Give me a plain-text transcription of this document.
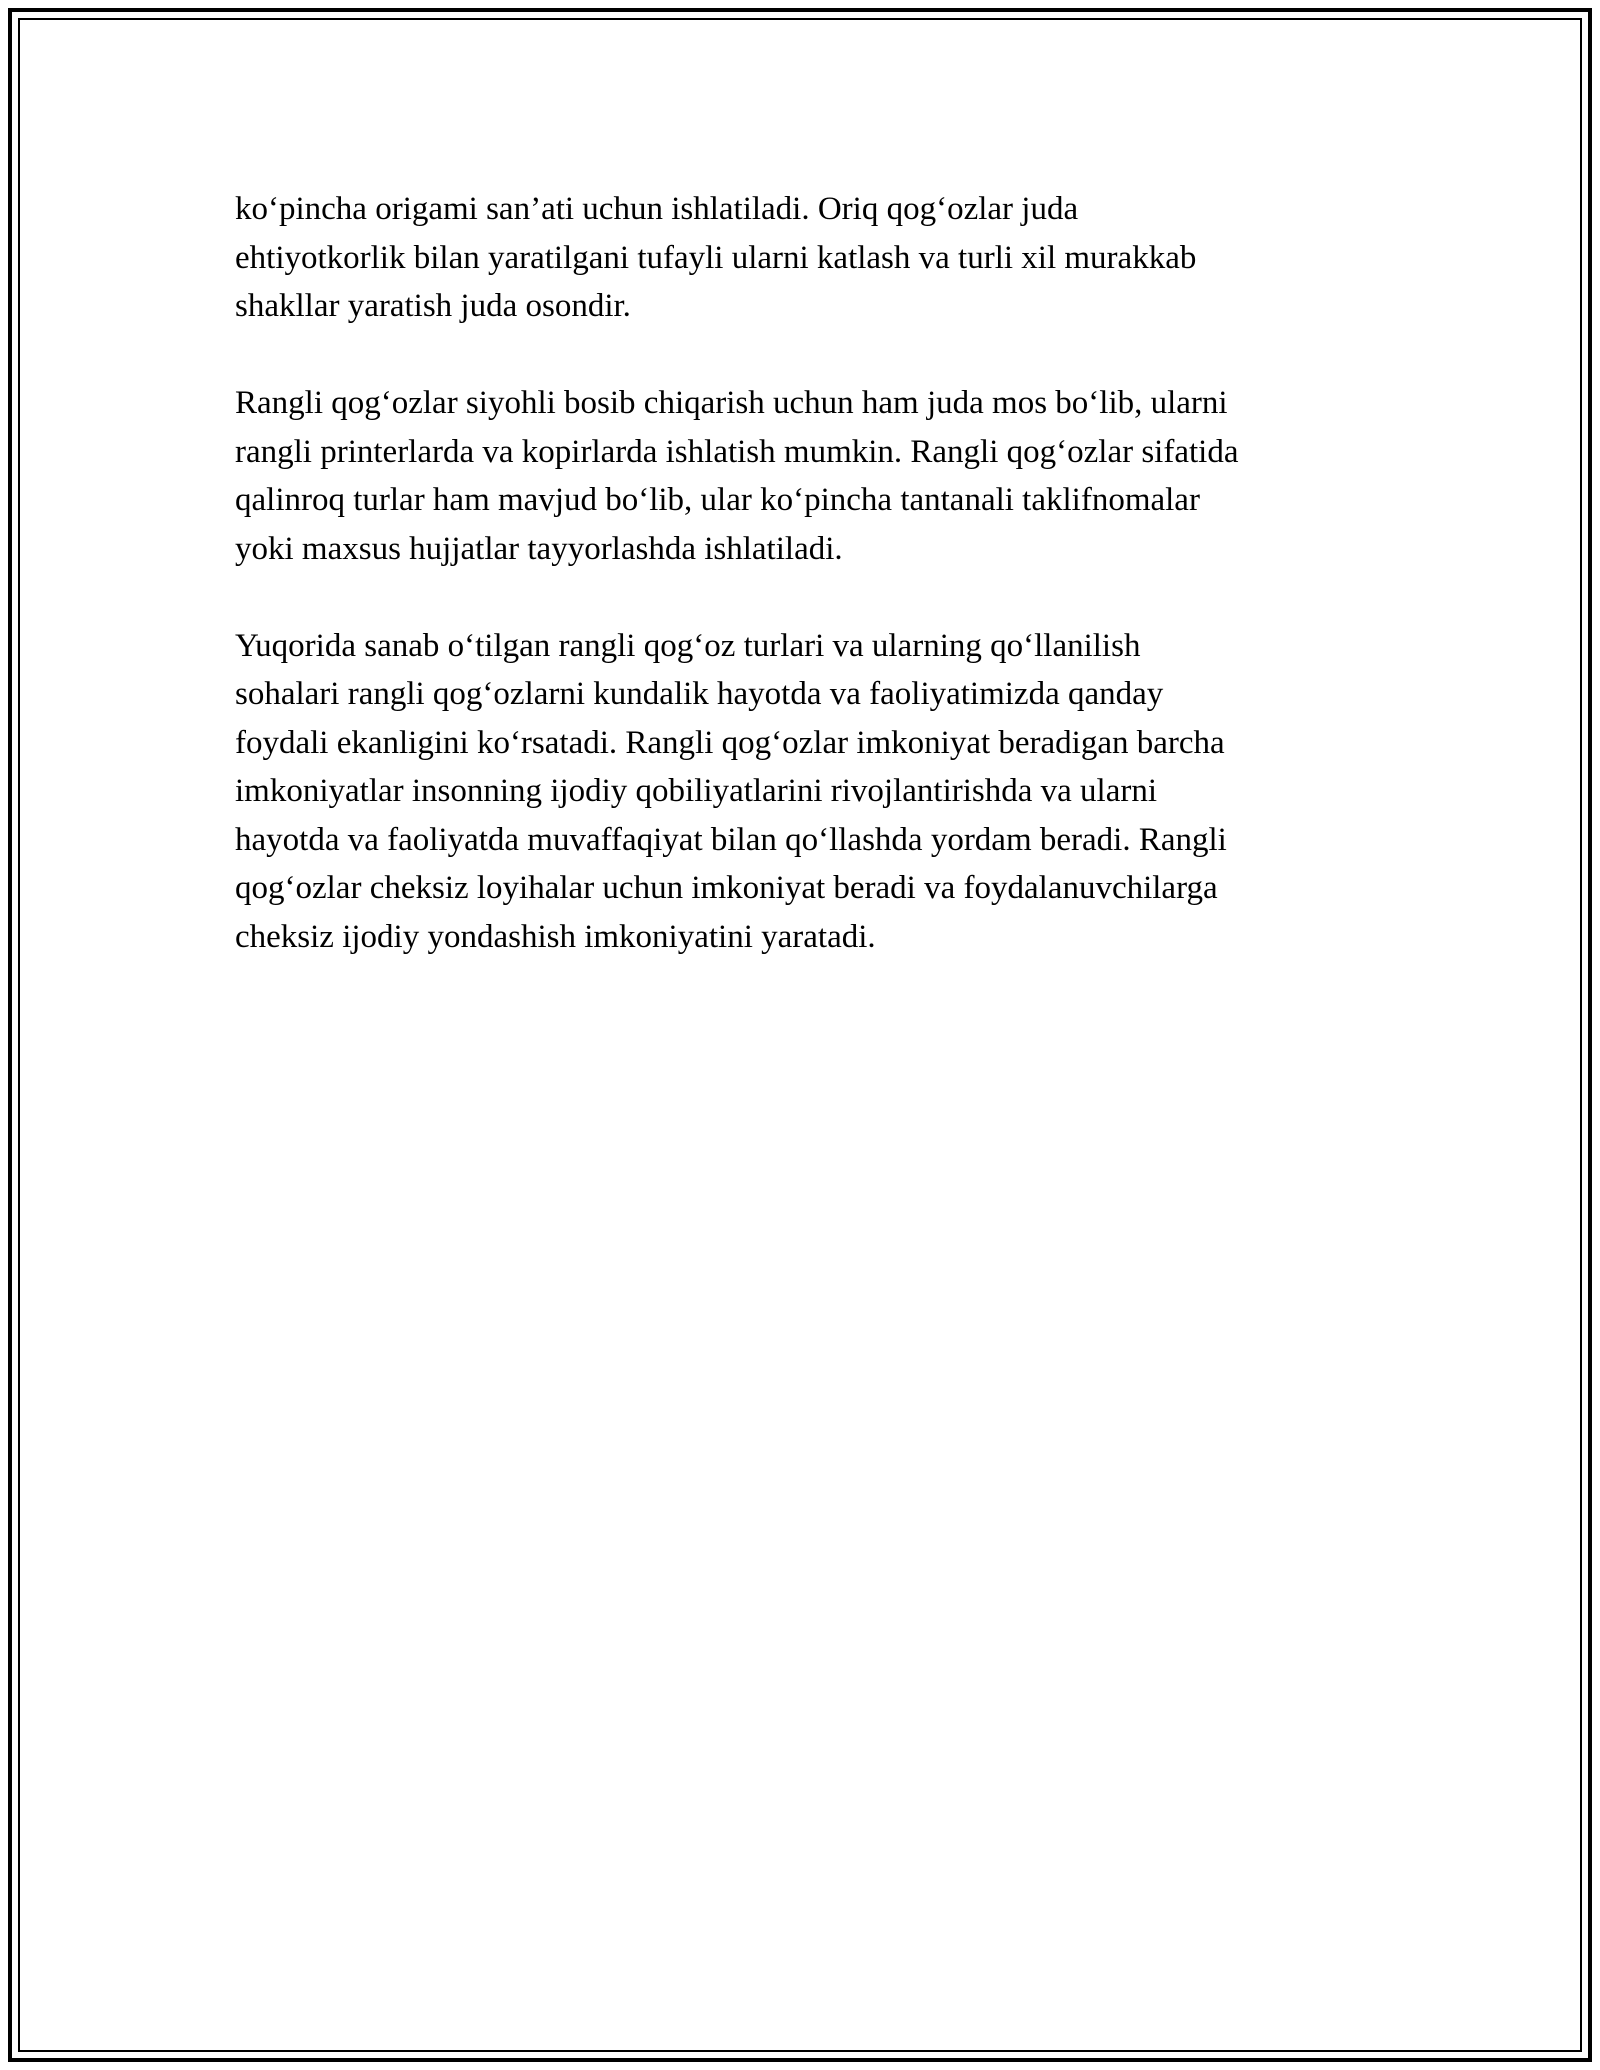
ko‘pincha origami san’ati uchun ishlatiladi. Oriq qog‘ozlar juda
ehtiyotkorlik bilan yaratilgani tufayli ularni katlash va turli xil murakkab
shakllar yaratish juda osondir.

Rangli qog‘ozlar siyohli bosib chiqarish uchun ham juda mos bo‘lib, ularni
rangli printerlarda va kopirlarda ishlatish mumkin. Rangli qog‘ozlar sifatida
qalinroq turlar ham mavjud bo‘lib, ular ko‘pincha tantanali taklifnomalar
yoki maxsus hujjatlar tayyorlashda ishlatiladi.

Yuqorida sanab o‘tilgan rangli qog‘oz turlari va ularning qo‘llanilish
sohalari rangli qog‘ozlarni kundalik hayotda va faoliyatimizda qanday
foydali ekanligini ko‘rsatadi. Rangli qog‘ozlar imkoniyat beradigan barcha
imkoniyatlar insonning ijodiy qobiliyatlarini rivojlantirishda va ularni
hayotda va faoliyatda muvaffaqiyat bilan qo‘llashda yordam beradi. Rangli
qog‘ozlar cheksiz loyihalar uchun imkoniyat beradi va foydalanuvchilarga
cheksiz ijodiy yondashish imkoniyatini yaratadi.
